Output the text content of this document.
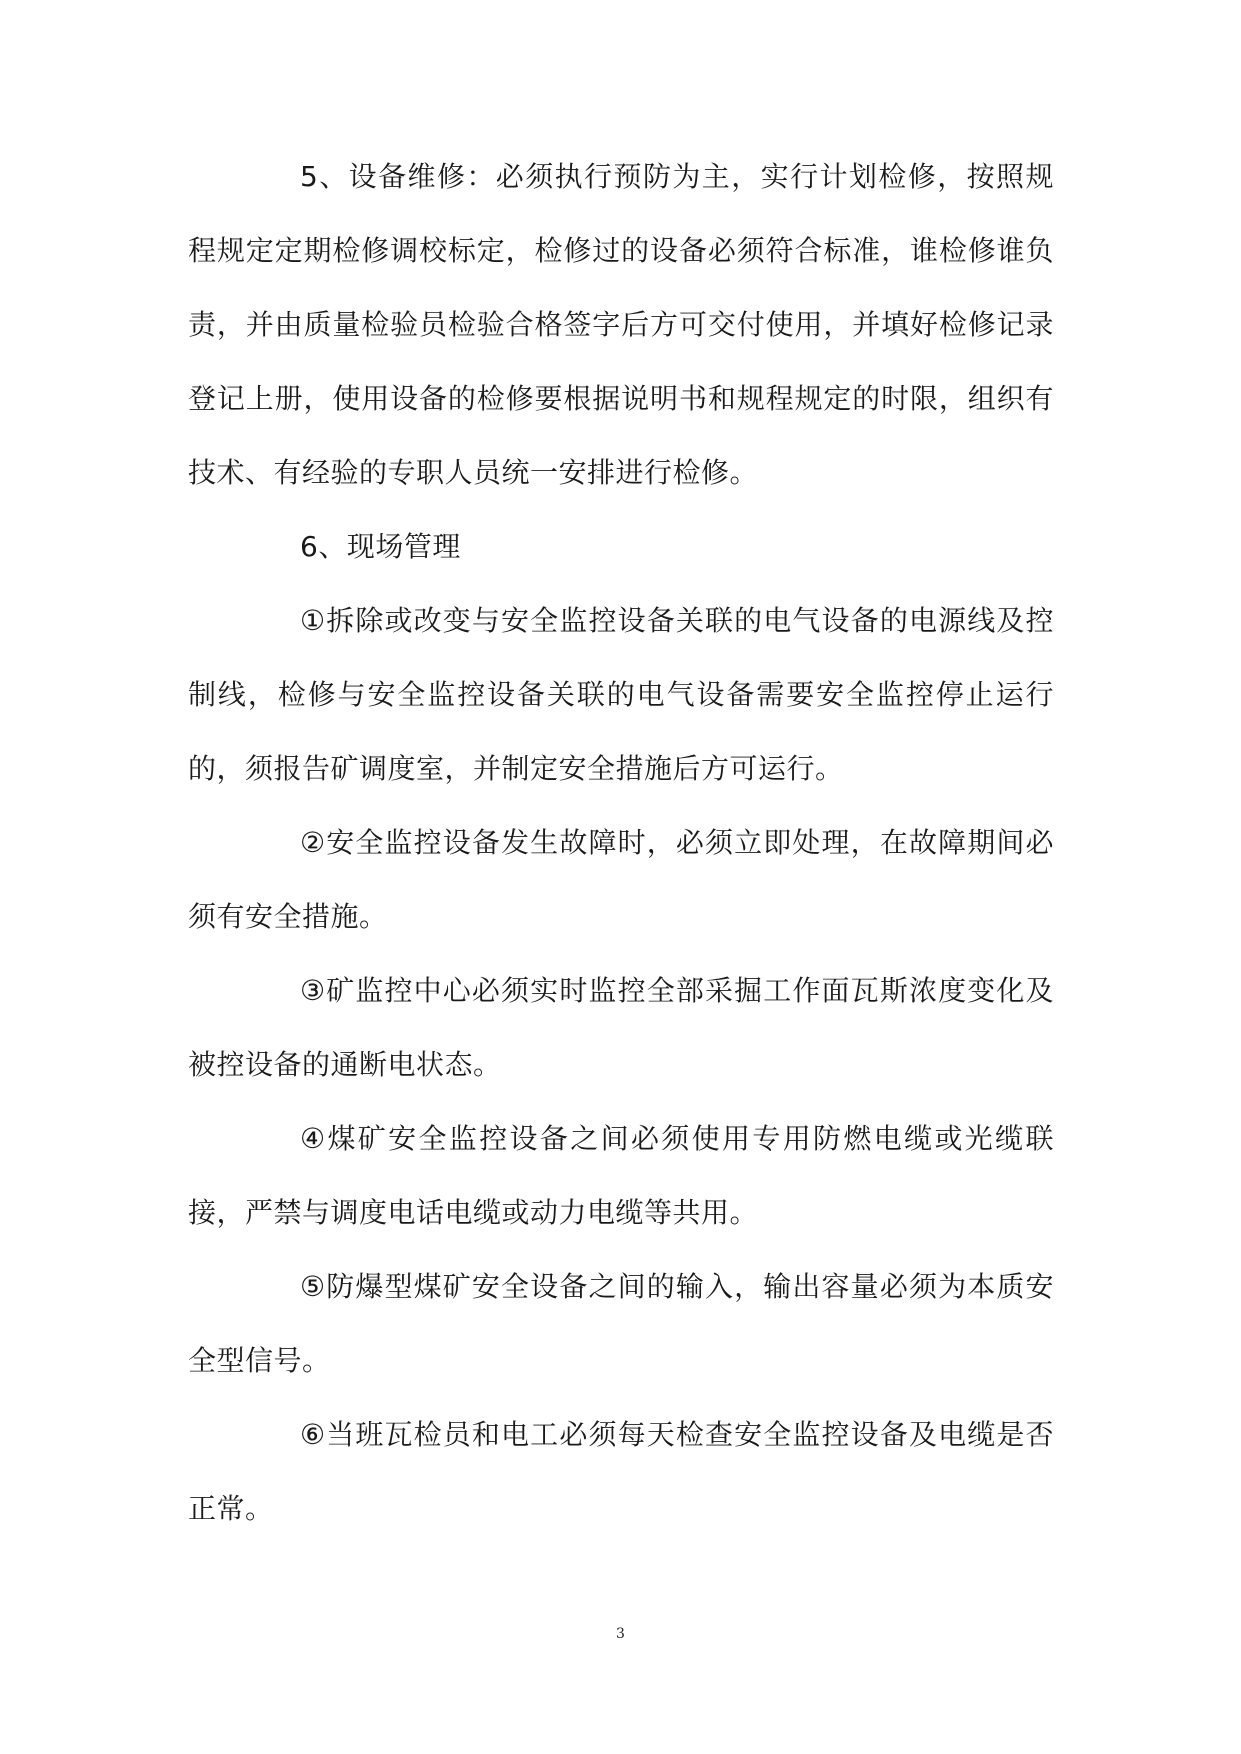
5、设备维修：必须执行预防为主，实行计划检修，按照规程规定定期检修调校标定，检修过的设备必须符合标准，谁检修谁负责，并由质量检验员检验合格签字后方可交付使用，并填好检修记录登记上册，使用设备的检修要根据说明书和规程规定的时限，组织有技术、有经验的专职人员统一安排进行检修。

6、现场管理

①拆除或改变与安全监控设备关联的电气设备的电源线及控制线，检修与安全监控设备关联的电气设备需要安全监控停止运行的，须报告矿调度室，并制定安全措施后方可运行。

②安全监控设备发生故障时，必须立即处理，在故障期间必须有安全措施。

③矿监控中心必须实时监控全部采掘工作面瓦斯浓度变化及被控设备的通断电状态。

④煤矿安全监控设备之间必须使用专用防燃电缆或光缆联接，严禁与调度电话电缆或动力电缆等共用。

⑤防爆型煤矿安全设备之间的输入，输出容量必须为本质安全型信号。

⑥当班瓦检员和电工必须每天检查安全监控设备及电缆是否正常。

3
